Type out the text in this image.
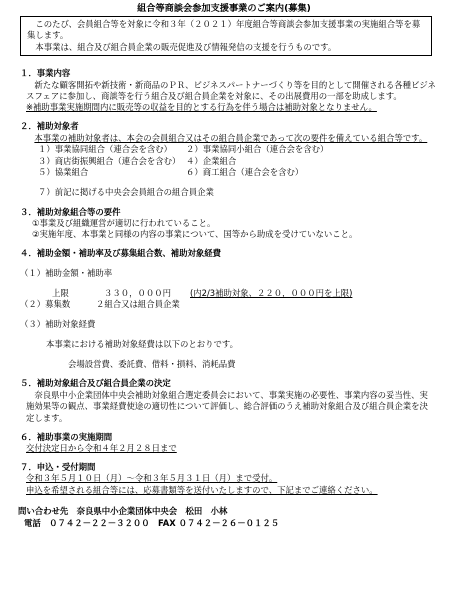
組合等商談会参加支援事業のご案内(募集)

このたび、会員組合等を対象に令和３年（２０２１）年度組合等商談会参加支援事業の実施組合等を募集します。

本事業は、組合及び組合員企業の販売促進及び情報発信の支援を行うものです。

１．事業内容

新たな顧客開拓や新技術・新商品のＰＲ、ビジネスパートナーづくり等を目的として開催される各種ビジネスフェアに参加し、商談等を行う組合及び組合員企業を対象に、その出展費用の一部を助成します。

※補助事業実施期間内に販売等の収益を目的とする行為を伴う場合は補助対象となりません。

２．補助対象者

本事業の補助対象者は、本会の会員組合又はその組合員企業であって次の要件を備えている組合等です。

１）事業協同組合（連合会を含む）	２）事業協同小組合（連合会を含む）
３）商店街振興組合（連合会を含む） ４）企業組合
５）協業組合	６）商工組合（連合会を含む）

７）前記に掲げる中央会会員組合の組合員企業

３．補助対象組合等の要件

①事業及び組織運営が適切に行われていること。

②実施年度、本事業と同様の内容の事業について、国等から助成を受けていないこと。

４．補助金額・補助率及び募集組合数、補助対象経費

（１）補助金額・補助率

上限	３３０，０００円	(内2/3補助対象、２２０，０００円を上限)
（２）募集数	２組合又は組合員企業

（３）補助対象経費

本事業における補助対象経費は以下のとおりです。

会場設営費、委託費、借料・損料、消耗品費

５．補助対象組合及び組合員企業の決定

奈良県中小企業団体中央会補助対象組合選定委員会において、事業実施の必要性、事業内容の妥当性、実施効果等の観点、事業経費使途の適切性について評価し、総合評価のうえ補助対象組合及び組合員企業を決定します。

６．補助事業の実施期間

交付決定日から令和４年２月２８日まで

７．申込・受付期間

令和３年５月１０日（月）～令和３年５月３１日（月）まで受付。

申込を希望される組合等には、応募書類等を送付いたしますので、下記までご連絡ください。

問い合わせ先　奈良県中小企業団体中央会　松田　小林

電話　０７４２－２２－３２００　FAX ０７４２－２６－０１２５
